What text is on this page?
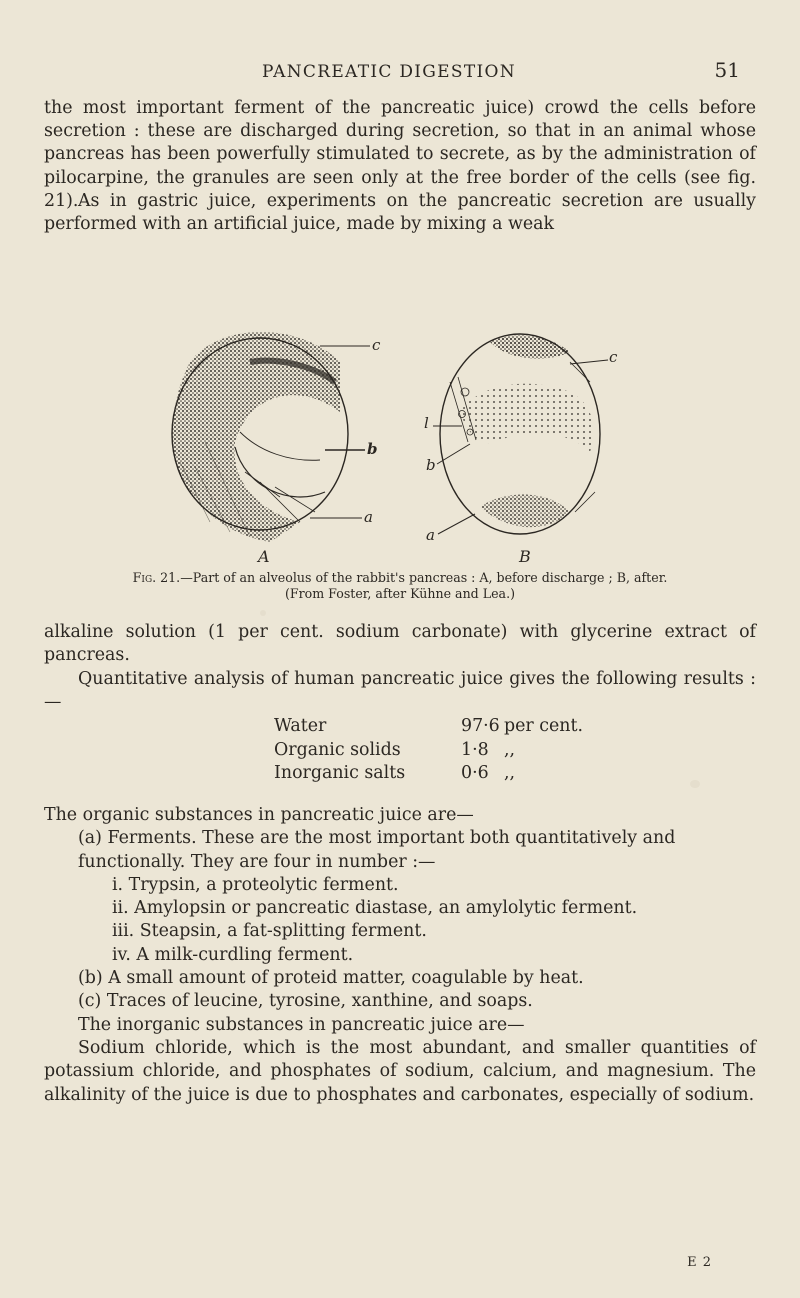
PANCREATIC DIGESTION	51

the most important ferment of the pancreatic juice) crowd the cells before secretion : these are discharged during secretion, so that in an animal whose pancreas has been powerfully stimulated to secrete, as by the administration of pilocarpine, the granules are seen only at the free border of the cells (see fig. 21). As in gastric juice, experiments on the pancreatic secretion are usually performed with an artificial juice, made by mixing a weak

c
b
a
c
l
b
a
A	B
Fig. 21.—Part of an alveolus of the rabbit's pancreas : A, before discharge ; B, after.
(From Foster, after Kühne and Lea.)

alkaline solution (1 per cent. sodium carbonate) with glycerine extract of pancreas.

Quantitative analysis of human pancreatic juice gives the following results :—

Water	97·6 per cent.
Organic solids	1·8 ,,
Inorganic salts	0·6 ,,

The organic substances in pancreatic juice are—

(a) Ferments. These are the most important both quantitatively and functionally. They are four in number :—

i. Trypsin, a proteolytic ferment.

ii. Amylopsin or pancreatic diastase, an amylolytic ferment.

iii. Steapsin, a fat-splitting ferment.

iv. A milk-curdling ferment.

(b) A small amount of proteid matter, coagulable by heat.

(c) Traces of leucine, tyrosine, xanthine, and soaps.

The inorganic substances in pancreatic juice are—

Sodium chloride, which is the most abundant, and smaller quantities of potassium chloride, and phosphates of sodium, calcium, and magnesium. The alkalinity of the juice is due to phosphates and carbonates, especially of sodium.

E 2
